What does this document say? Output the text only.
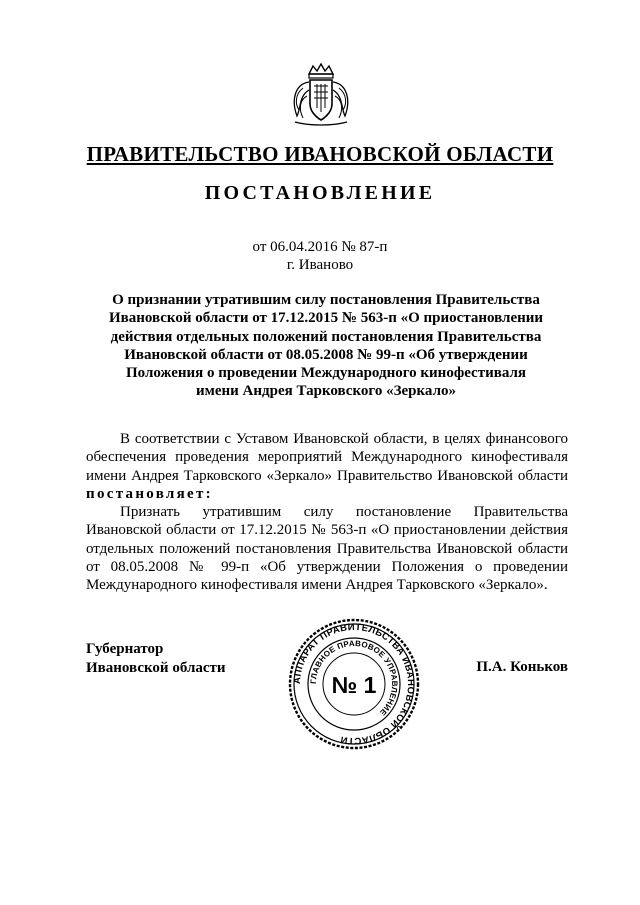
ПРАВИТЕЛЬСТВО ИВАНОВСКОЙ ОБЛАСТИ
ПОСТАНОВЛЕНИЕ
от 06.04.2016 № 87-п
г. Иваново
О признании утратившим силу постановления Правительства Ивановской области от 17.12.2015 № 563-п «О приостановлении действия отдельных положений постановления Правительства Ивановской области от 08.05.2008 № 99-п «Об утверждении Положения о проведении Международного кинофестиваля имени Андрея Тарковского «Зеркало»

В соответствии с Уставом Ивановской области, в целях финансового обеспечения проведения мероприятий Международного кинофестиваля имени Андрея Тарковского «Зеркало» Правительство Ивановской области постановляет:

Признать утратившим силу постановление Правительства Ивановской области от 17.12.2015 № 563-п «О приостановлении действия отдельных положений постановления Правительства Ивановской области от 08.05.2008 № 99-п «Об утверждении Положения о проведении Международного кинофестиваля имени Андрея Тарковского «Зеркало».

Губернатор
Ивановской области	П.А. Коньков
АППАРАТ ПРАВИТЕЛЬСТВА ИВАНОВСКОЙ ОБЛАСТИ
ГЛАВНОЕ ПРАВОВОЕ УПРАВЛЕНИЕ
№ 1
